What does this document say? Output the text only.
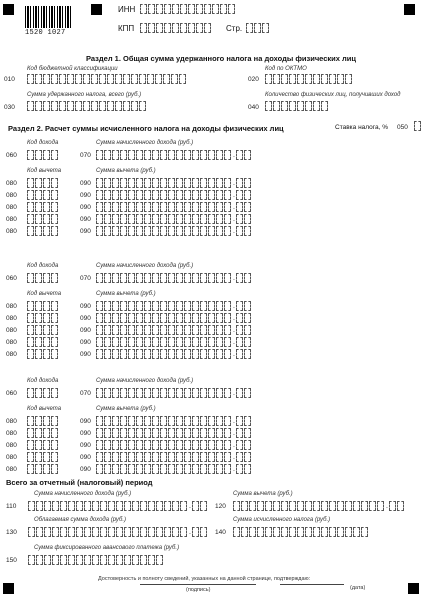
1520 1027
ИНН
КПП	Стр.
Раздел 1. Общая сумма удержанного налога на доходы физических лиц
Код бюджетной классификации	Код по ОКТМО
010	020
Сумма удержанного налога, всего (руб.)	Количество физических лиц, получивших доход
030	040
Раздел 2. Расчет суммы исчисленного налога на доходы физических лиц	Ставка налога, % 050
Код дохода	Сумма начисленного дохода (руб.)
060	070	.
Код вычета	Сумма вычета (руб.)
080	090	.
080	090	.
080	090	.
080	090	.
080	090	.
Код дохода	Сумма начисленного дохода (руб.)
060	070	.
Код вычета	Сумма вычета (руб.)
080	090	.
080	090	.
080	090	.
080	090	.
080	090	.
Код дохода	Сумма начисленного дохода (руб.)
060	070	.
Код вычета	Сумма вычета (руб.)
080	090	.
080	090	.
080	090	.
080	090	.
080	090	.
Всего за отчетный (налоговый) период
Сумма начисленного дохода (руб.)	Сумма вычета (руб.)
110	.	120	.
Облагаемая сумма дохода (руб.)	Сумма исчисленного налога (руб.)
130	.	140
Сумма фиксированного авансового платежа (руб.)
150
Достоверность и полноту сведений, указанных на данной странице, подтверждаю:
(подпись)	(дата)
